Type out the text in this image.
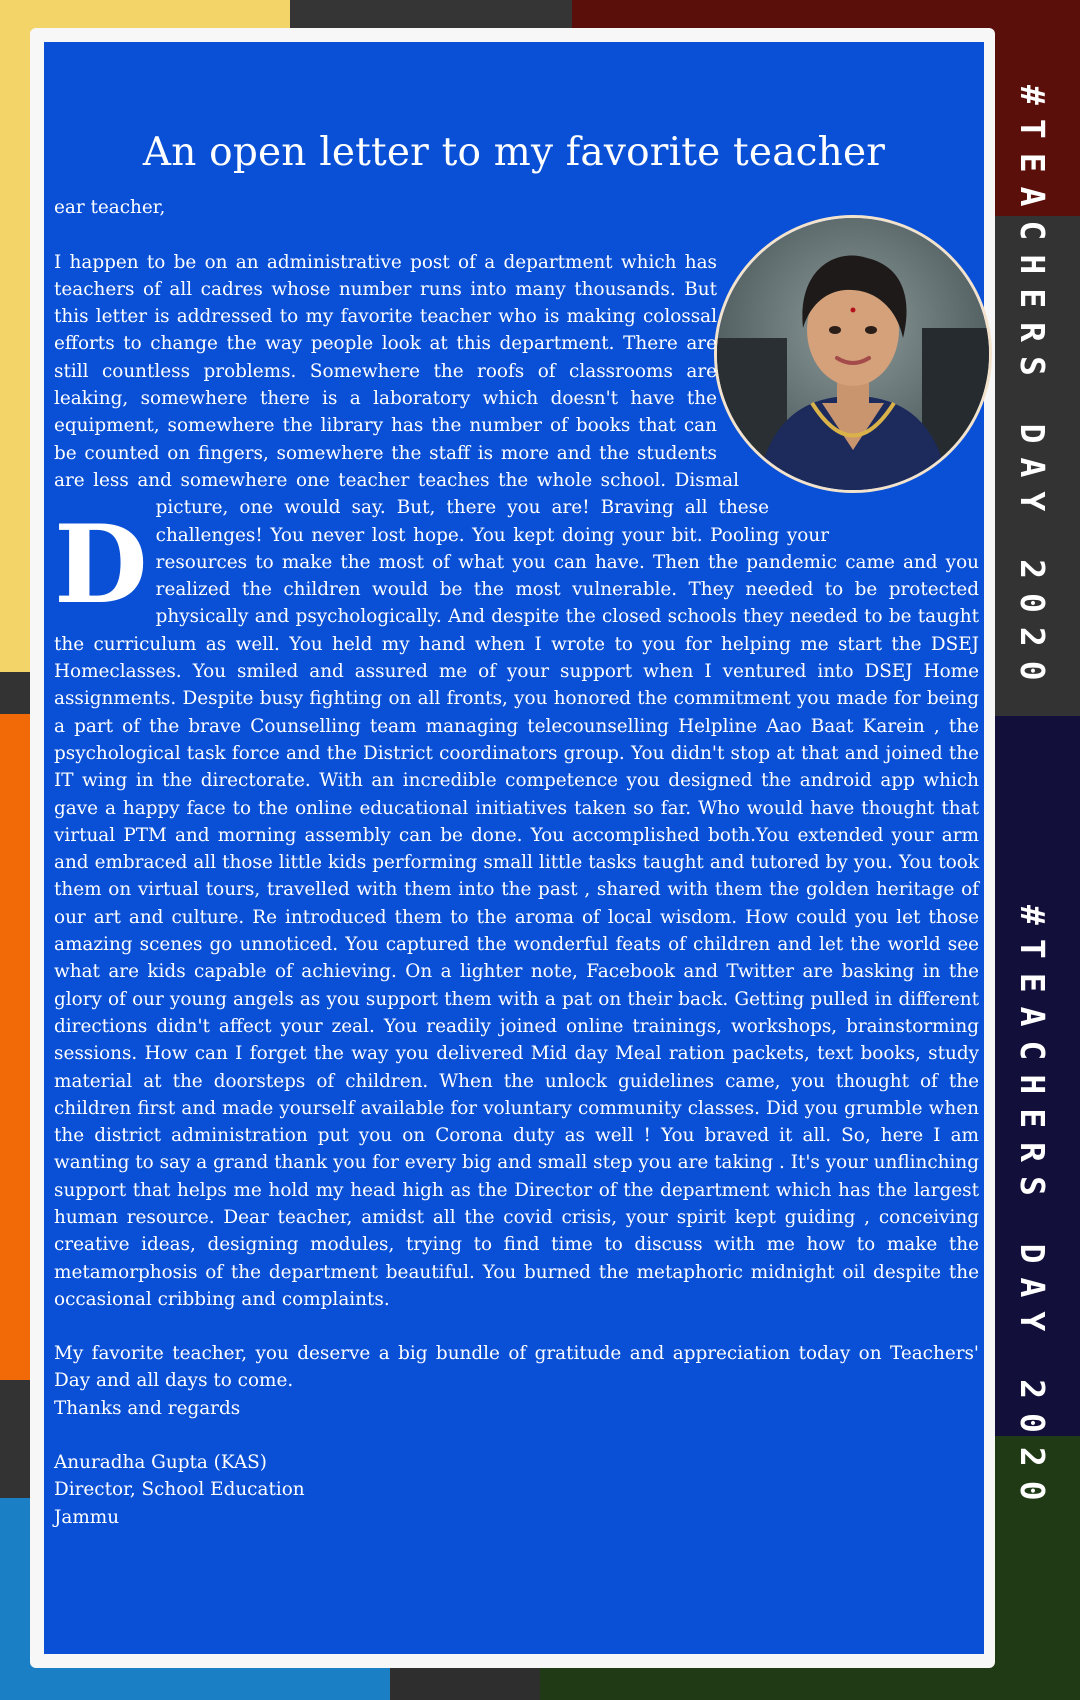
An open letter to my favorite teacher
D
ear teacher,

I happen to be on an administrative post of a department which has teachers of all cadres whose number runs into many thousands. But this letter is addressed to my favorite teacher who is making colossal efforts to change the way people look at this department. There are still countless problems. Somewhere the roofs of classrooms are leaking, somewhere there is a laboratory which doesn't have the equipment, somewhere the library has the number of books that can be counted on fingers, somewhere the staff is more and the students are less and somewhere one teacher teaches the whole school. Dismal picture, one would say. But, there you are! Braving all these challenges! You never lost hope. You kept doing your bit. Pooling your resources to make the most of what you can have. Then the pandemic came and you realized the children would be the most vulnerable. They needed to be protected physically and psychologically. And despite the closed schools they needed to be taught the curriculum as well. You held my hand when I wrote to you for helping me start the DSEJ Homeclasses. You smiled and assured me of your support when I ventured into DSEJ Home assignments. Despite busy fighting on all fronts, you honored the commitment you made for being a part of the brave Counselling team managing telecounselling Helpline Aao Baat Karein , the psychological task force and the District coordinators group. You didn't stop at that and joined the IT wing in the directorate. With an incredible competence you designed the android app which gave a happy face to the online educational initiatives taken so far. Who would have thought that virtual PTM and morning assembly can be done. You accomplished both.You extended your arm and embraced all those little kids performing small little tasks taught and tutored by you. You took them on virtual tours, travelled with them into the past , shared with them the golden heritage of our art and culture. Re introduced them to the aroma of local wisdom. How could you let those amazing scenes go unnoticed. You captured the wonderful feats of children and let the world see what are kids capable of achieving. On a lighter note, Facebook and Twitter are basking in the glory of our young angels as you support them with a pat on their back. Getting pulled in different directions didn't affect your zeal. You readily joined online trainings, workshops, brainstorming sessions. How can I forget the way you delivered Mid day Meal ration packets, text books, study material at the doorsteps of children. When the unlock guidelines came, you thought of the children first and made yourself available for voluntary community classes. Did you grumble when the district administration put you on Corona duty as well ! You braved it all. So, here I am wanting to say a grand thank you for every big and small step you are taking . It's your unflinching support that helps me hold my head high as the Director of the department which has the largest human resource. Dear teacher, amidst all the covid crisis, your spirit kept guiding , conceiving creative ideas, designing modules, trying to find time to discuss with me how to make the metamorphosis of the department beautiful. You burned the metaphoric midnight oil despite the occasional cribbing and complaints.
My favorite teacher, you deserve a big bundle of gratitude and appreciation today on Teachers' Day and all days to come.
Thanks and regards
Anuradha Gupta (KAS)
Director, School Education
Jammu
#TEACHERS DAY 2020
#TEACHERS DAY 2020
